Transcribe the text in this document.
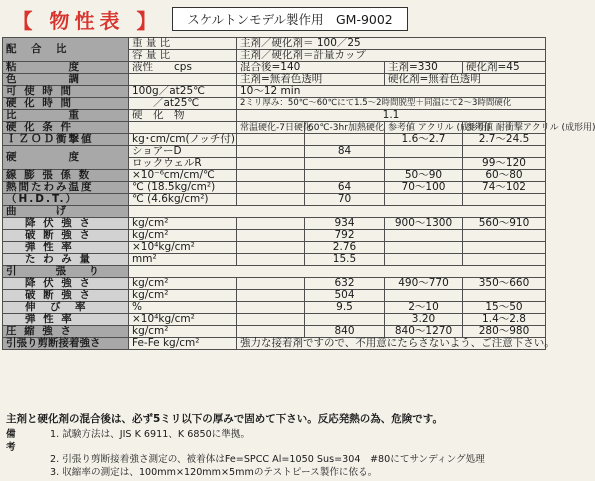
【 物性表 】	スケルトンモデル製作用　GM-9002
配　合　比	重 量 比	主剤／硬化剤＝ 100／25			
	容 量 比	主剤／硬化剤＝計量カップ			
粘　　　　度	液性　　cps	混合後=140		主剤=330	硬化剤=45
色　　　　調		主剤=無着色透明		硬化剤=無着色透明	
可 使 時 間	100g／at25℃	10～12 min			
硬 化 時 間	　　／at25℃	2ミリ厚み：50℃～60℃にて1.5～2時間脱型＋同温にて2～3時間硬化			
比　　　　重	硬　化　物	1.1			
硬 化 条 件		常温硬化-7日硬化	60℃-3hr加熱硬化	参考値 アクリル (成形用)	参考値 耐衝撃アクリル (成形用)
ＩＺＯＤ衝撃値	kg･cm/cm(ノッチ付)			1.6～2.7	2.7～24.5
硬　　　　度	ショアーD		84		
	ロックウェルR				99～120
線 膨 張 係 数	×10⁻⁶cm/cm/℃			50～90	60～80
熱間たわみ温度	℃ (18.5kg/cm²)		64	70～100	74～102
（H.D.T.）	℃ (4.6kg/cm²)		70		
曲　　げ					
降 伏 強 さ	kg/cm²		934	900～1300	560～910
破 断 強 さ	kg/cm²		792		
弾 性 率	×10⁴kg/cm²		2.76		
た わ み 量	mm²		15.5		
引　　張　り					
降 伏 強 さ	kg/cm²		632	490～770	350～660
破 断 強 さ	kg/cm²		504		
伸　び　率	%		9.5	2～10	15～50
弾 性 率	×10⁴kg/cm²			3.20	1.4～2.8
圧 縮 強 さ	kg/cm²		840	840～1270	280～980
引張り剪断接着強さ	Fe-Fe kg/cm²	強力な接着剤ですので、不用意にたらさないよう、ご注意下さい。			
主剤と硬化剤の混合後は、必ず5ミリ以下の厚みで固めて下さい。反応発熱の為、危険です。
備　考
1. 試験方法は、JIS K 6911、K 6850に準拠。
2. 引張り剪断接着強さ測定の、被着体はFe=SPCC Al=1050 Sus=304　#80にてサンディング処理
3. 収縮率の測定は、100mm×120mm×5mmのテストピース製作に依る。
